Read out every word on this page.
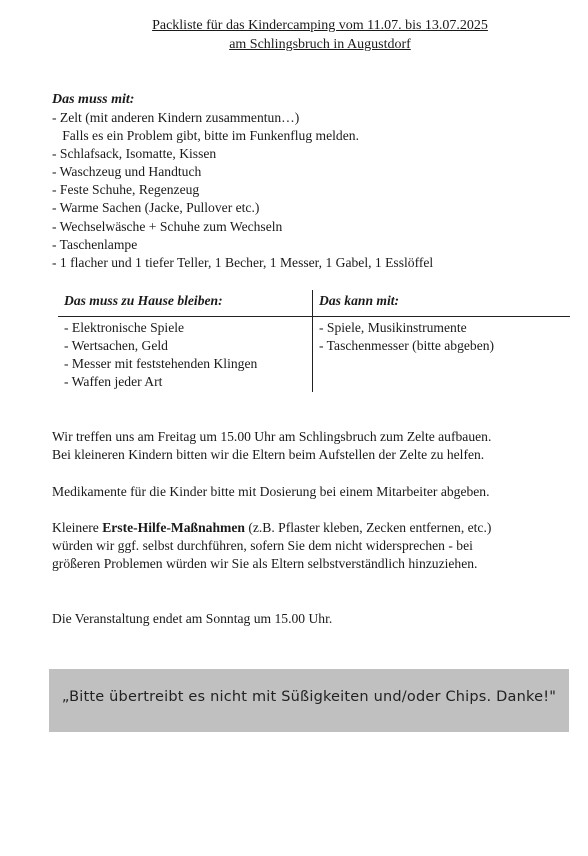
Packliste für das Kindercamping vom 11.07. bis 13.07.2025
am Schlingsbruch in Augustdorf
Das muss mit:
- Zelt (mit anderen Kindern zusammentun…)
Falls es ein Problem gibt, bitte im Funkenflug melden.
- Schlafsack, Isomatte, Kissen
- Waschzeug und Handtuch
- Feste Schuhe, Regenzeug
- Warme Sachen (Jacke, Pullover etc.)
- Wechselwäsche + Schuhe zum Wechseln
- Taschenlampe
- 1 flacher und 1 tiefer Teller, 1 Becher, 1 Messer, 1 Gabel, 1 Esslöffel
Das muss zu Hause bleiben:
- Elektronische Spiele
- Wertsachen, Geld
- Messer mit feststehenden Klingen
- Waffen jeder Art
Das kann mit:
- Spiele, Musikinstrumente
- Taschenmesser (bitte abgeben)
Wir treffen uns am Freitag um 15.00 Uhr am Schlingsbruch zum Zelte aufbauen.
Bei kleineren Kindern bitten wir die Eltern beim Aufstellen der Zelte zu helfen.
Medikamente für die Kinder bitte mit Dosierung bei einem Mitarbeiter abgeben.
Kleinere Erste-Hilfe-Maßnahmen (z.B. Pflaster kleben, Zecken entfernen, etc.)
würden wir ggf. selbst durchführen, sofern Sie dem nicht widersprechen - bei
größeren Problemen würden wir Sie als Eltern selbstverständlich hinzuziehen.
Die Veranstaltung endet am Sonntag um 15.00 Uhr.
„Bitte übertreibt es nicht mit Süßigkeiten und/oder Chips. Danke!"
